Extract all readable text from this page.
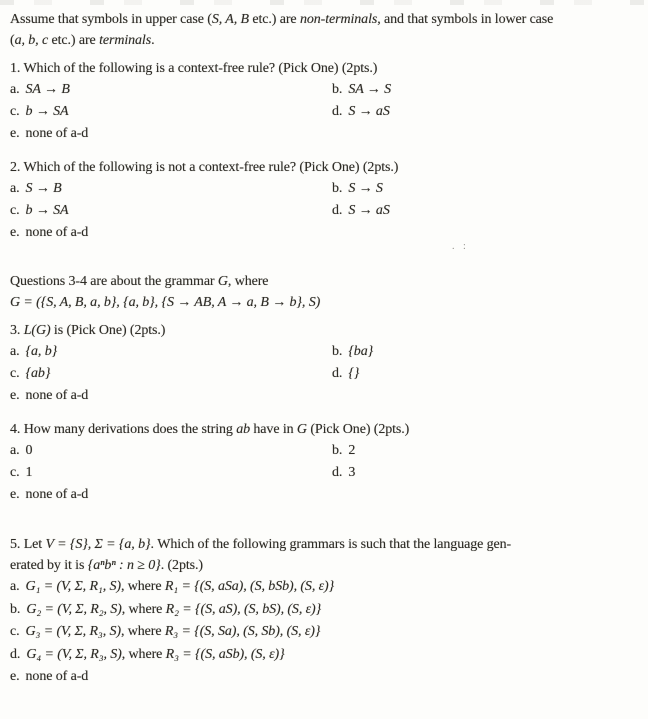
Assume that symbols in upper case (S, A, B etc.) are non-terminals, and that symbols in lower case

(a, b, c etc.) are terminals.

1. Which of the following is a context-free rule? (Pick One) (2pts.)

a. SA → B	b. SA → S
c. b → SA	d. S → aS
e. none of a-d

2. Which of the following is not a context-free rule? (Pick One) (2pts.)

a. S → B	b. S → S
c. b → SA	d. S → aS
e. none of a-d
. :

Questions 3-4 are about the grammar G, where

G = ({S, A, B, a, b}, {a, b}, {S → AB, A → a, B → b}, S)

3. L(G) is (Pick One) (2pts.)

a. {a, b}	b. {ba}
c. {ab}	d. {}
e. none of a-d

4. How many derivations does the string ab have in G (Pick One) (2pts.)

a. 0	b. 2
c. 1	d. 3
e. none of a-d

5. Let V = {S}, Σ = {a, b}. Which of the following grammars is such that the language gen-

erated by it is {aⁿbⁿ : n ≥ 0}. (2pts.)

a. G₁ = (V, Σ, R₁, S), where R₁ = {(S, aSa), (S, bSb), (S, ε)}
b. G₂ = (V, Σ, R₂, S), where R₂ = {(S, aS), (S, bS), (S, ε)}
c. G₃ = (V, Σ, R₃, S), where R₃ = {(S, Sa), (S, Sb), (S, ε)}
d. G₄ = (V, Σ, R₃, S), where R₃ = {(S, aSb), (S, ε)}
e. none of a-d
